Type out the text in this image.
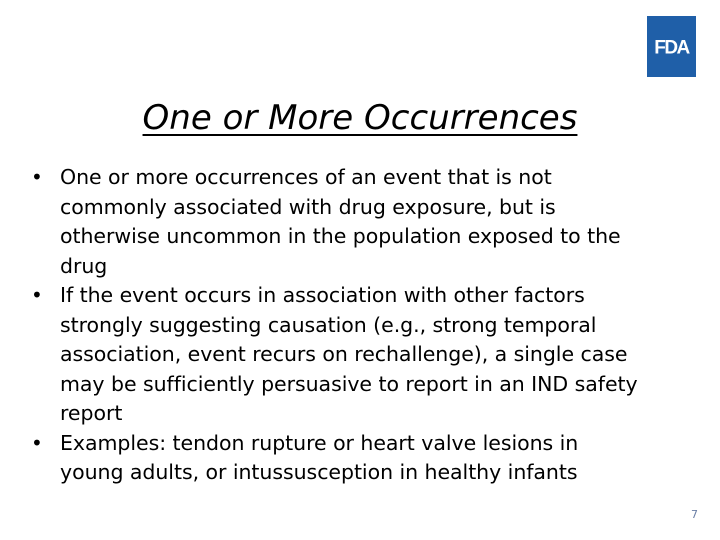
FDA
One or More Occurrences
• One or more occurrences of an event that is not
commonly associated with drug exposure, but is
otherwise uncommon in the population exposed to the
drug
• If the event occurs in association with other factors
strongly suggesting causation (e.g., strong temporal
association, event recurs on rechallenge), a single case
may be sufficiently persuasive to report in an IND safety
report
• Examples: tendon rupture or heart valve lesions in
young adults, or intussusception in healthy infants
7
